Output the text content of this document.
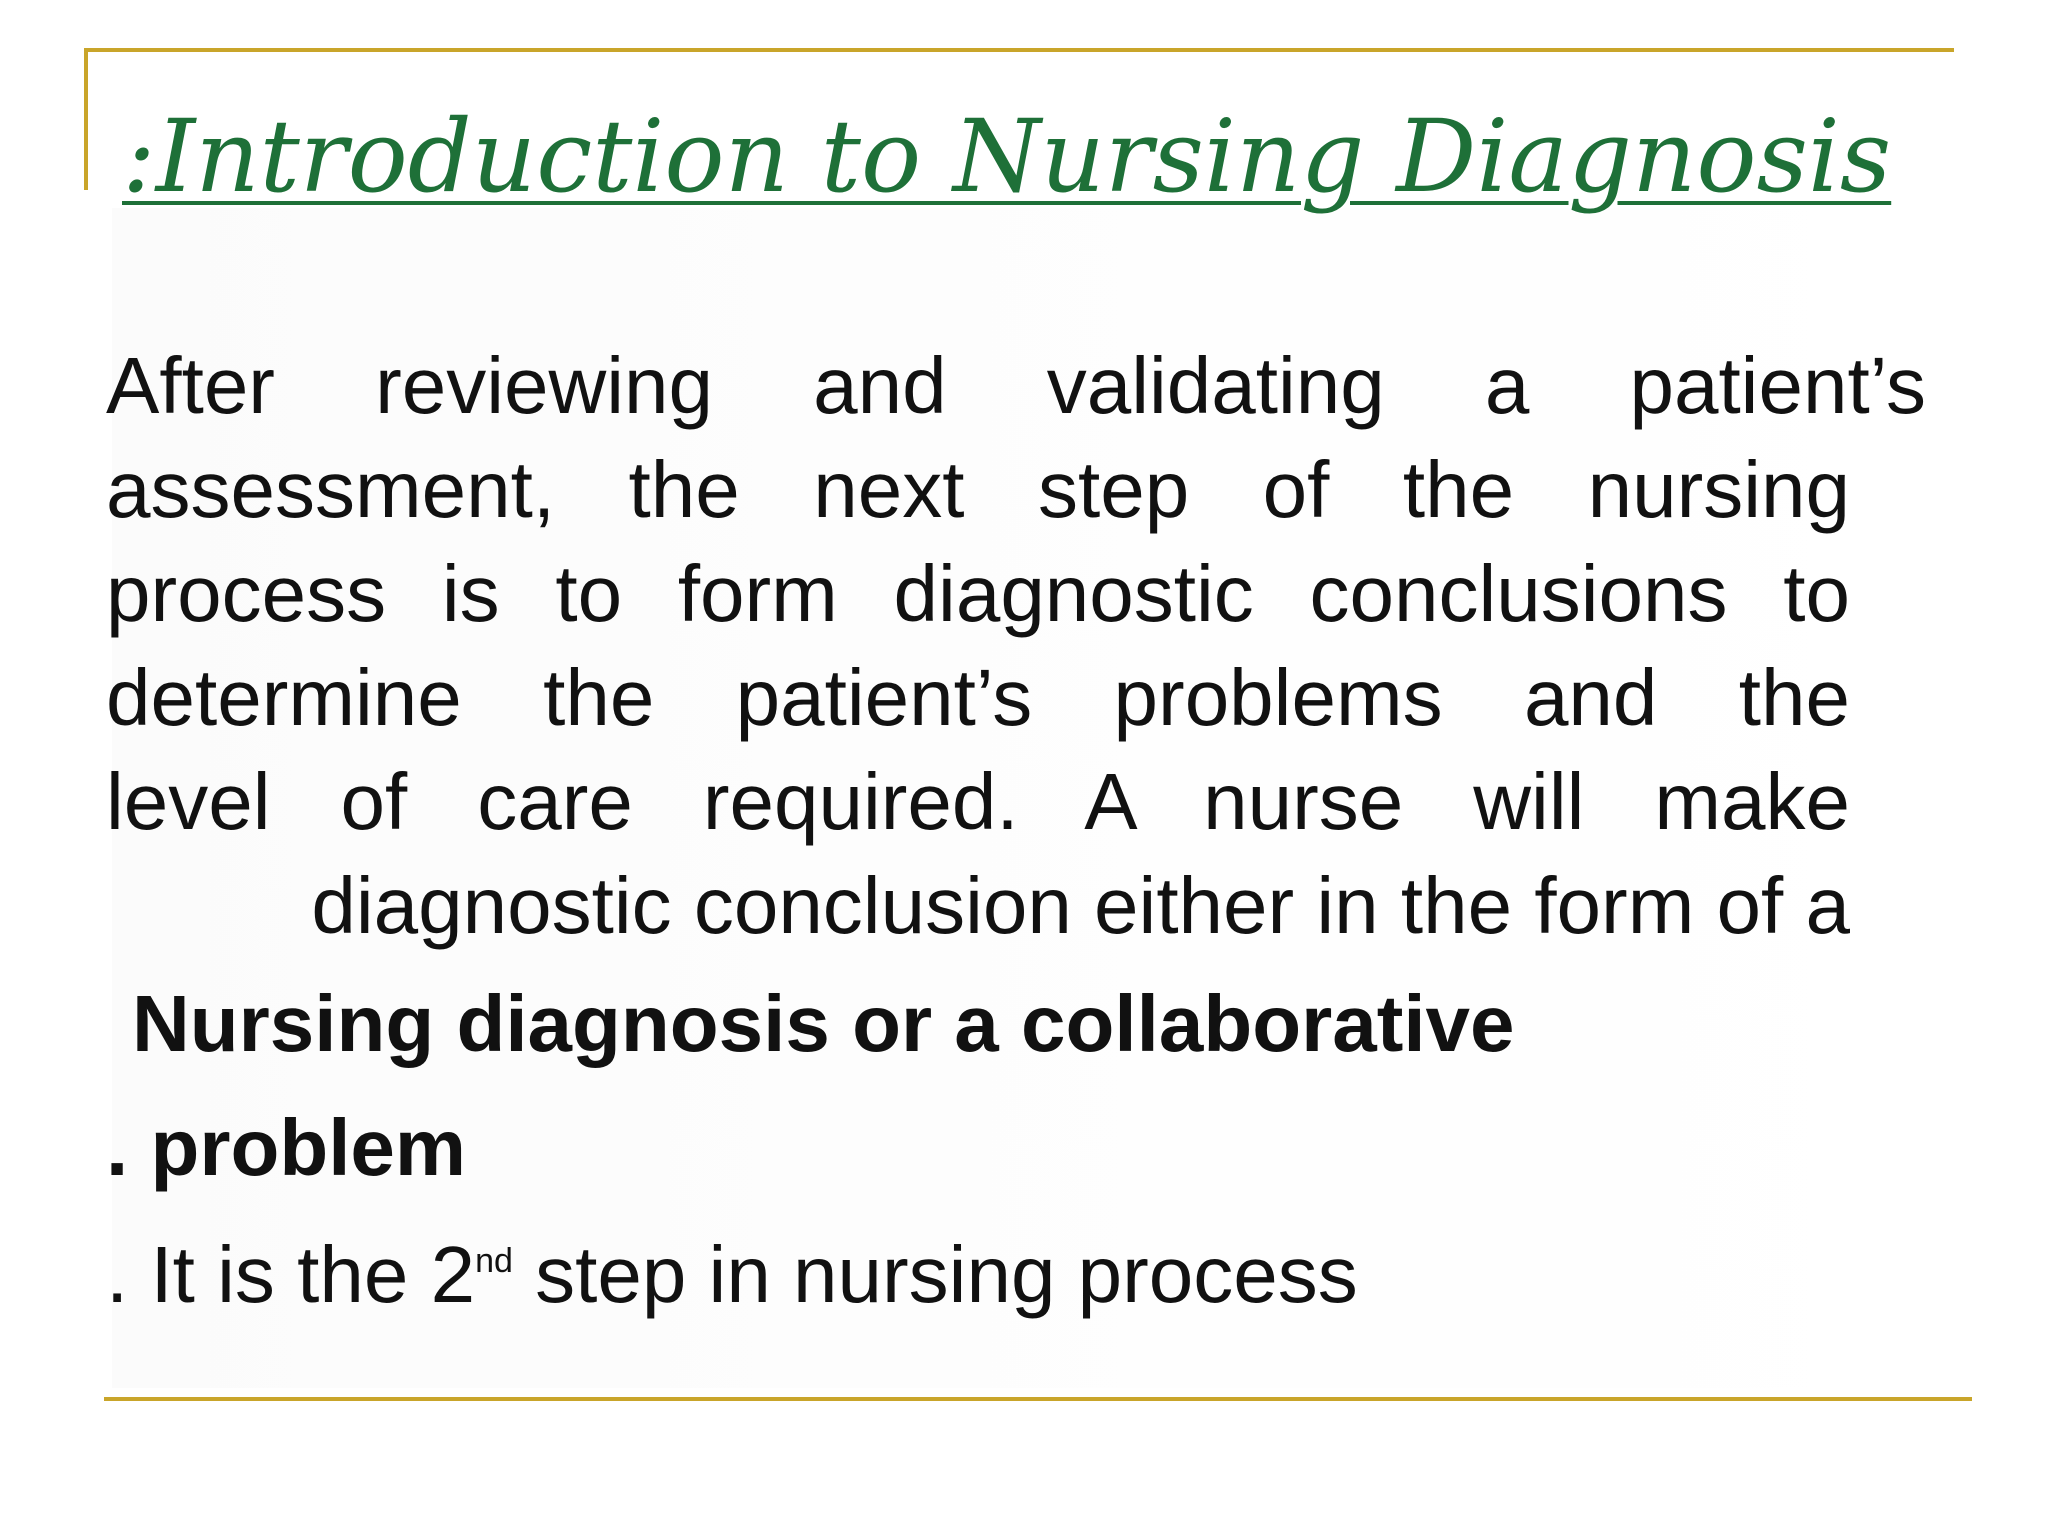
:Introduction to Nursing Diagnosis
After reviewing and validating a patient’s
assessment, the next step of the nursing
process is to form diagnostic conclusions to
determine the patient’s problems and the
level of care required. A nurse will make
diagnostic conclusion either in the form of a

Nursing diagnosis or a collaborative

. problem

. It is the 2nd step in nursing process
